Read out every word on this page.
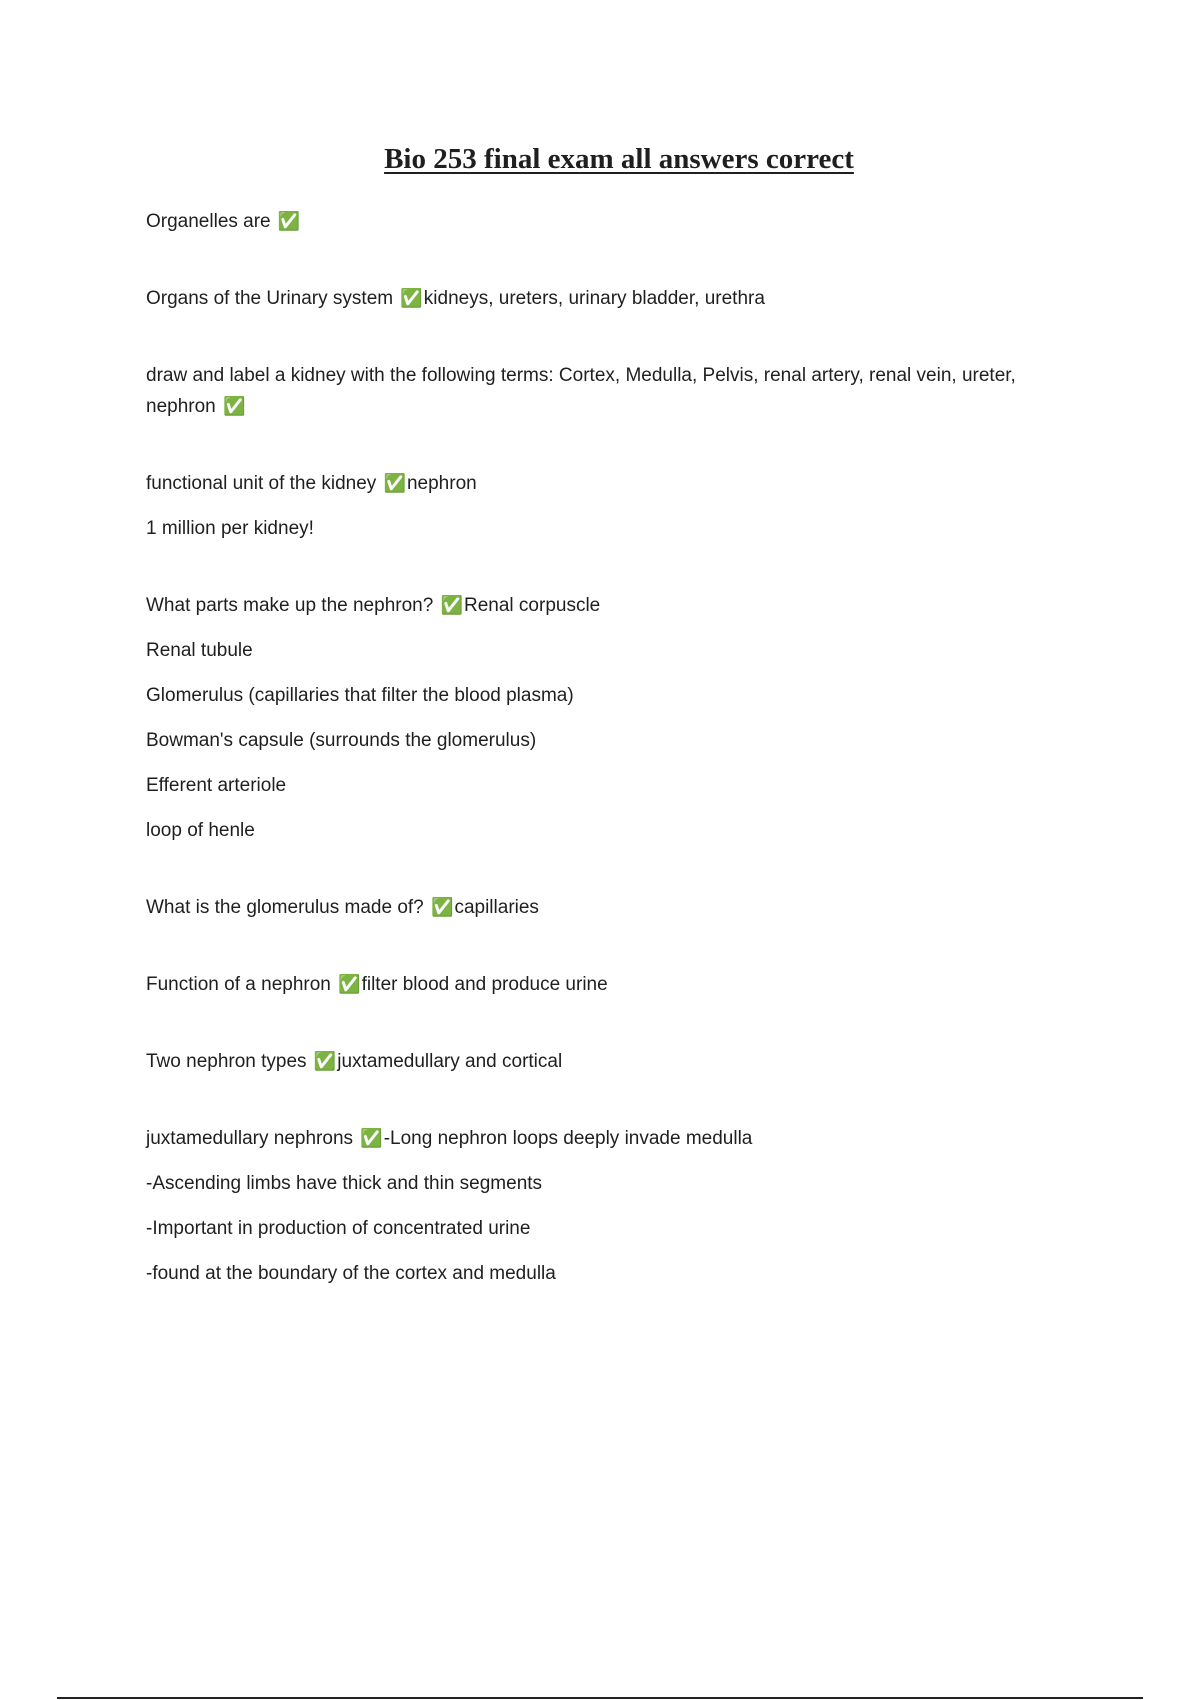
Bio 253 final exam all answers correct
Organelles are ✅
Organs of the Urinary system ✅kidneys, ureters, urinary bladder, urethra
draw and label a kidney with the following terms: Cortex, Medulla, Pelvis, renal artery, renal vein, ureter, nephron ✅
functional unit of the kidney ✅nephron
1 million per kidney!
What parts make up the nephron? ✅Renal corpuscle
Renal tubule
Glomerulus (capillaries that filter the blood plasma)
Bowman's capsule (surrounds the glomerulus)
Efferent arteriole
loop of henle
What is the glomerulus made of? ✅capillaries
Function of a nephron ✅filter blood and produce urine
Two nephron types ✅juxtamedullary and cortical
juxtamedullary nephrons ✅-Long nephron loops deeply invade medulla
-Ascending limbs have thick and thin segments
-Important in production of concentrated urine
-found at the boundary of the cortex and medulla
